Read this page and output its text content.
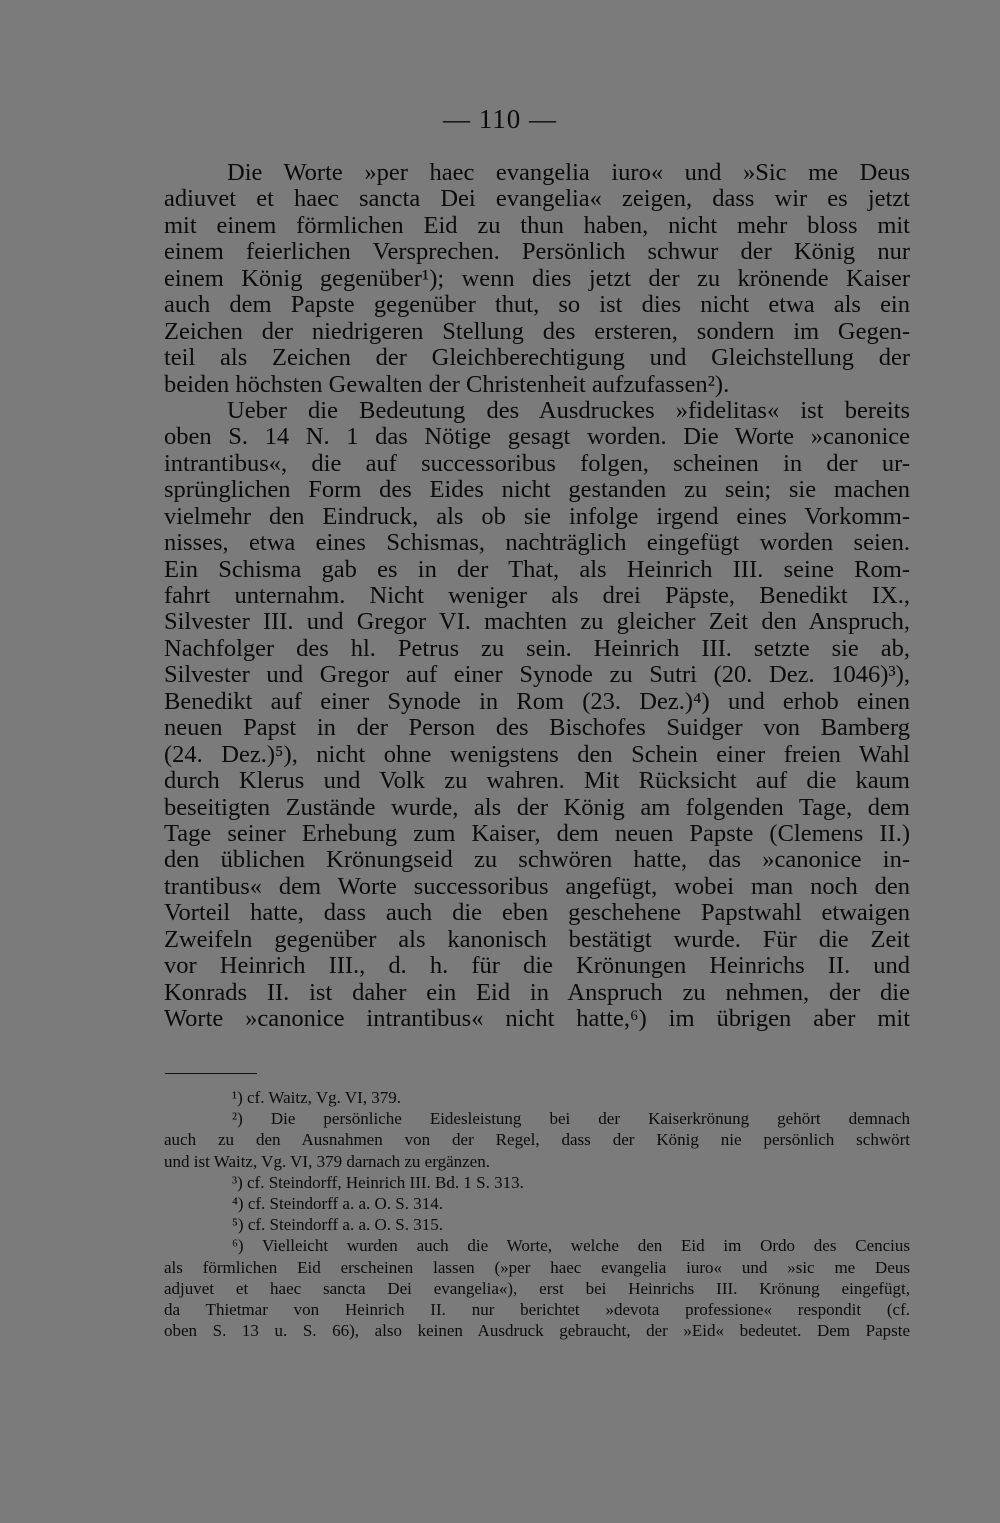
— 110 —
Die Worte »per haec evangelia iuro« und »Sic me Deus
adiuvet et haec sancta Dei evangelia« zeigen, dass wir es jetzt
mit einem förmlichen Eid zu thun haben, nicht mehr bloss mit
einem feierlichen Versprechen. Persönlich schwur der König nur
einem König gegenüber¹); wenn dies jetzt der zu krönende Kaiser
auch dem Papste gegenüber thut, so ist dies nicht etwa als ein
Zeichen der niedrigeren Stellung des ersteren, sondern im Gegen-
teil als Zeichen der Gleichberechtigung und Gleichstellung der
beiden höchsten Gewalten der Christenheit aufzufassen²).
Ueber die Bedeutung des Ausdruckes »fidelitas« ist bereits
oben S. 14 N. 1 das Nötige gesagt worden. Die Worte »canonice
intrantibus«, die auf successoribus folgen, scheinen in der ur-
sprünglichen Form des Eides nicht gestanden zu sein; sie machen
vielmehr den Eindruck, als ob sie infolge irgend eines Vorkomm-
nisses, etwa eines Schismas, nachträglich eingefügt worden seien.
Ein Schisma gab es in der That, als Heinrich III. seine Rom-
fahrt unternahm. Nicht weniger als drei Päpste, Benedikt IX.,
Silvester III. und Gregor VI. machten zu gleicher Zeit den Anspruch,
Nachfolger des hl. Petrus zu sein. Heinrich III. setzte sie ab,
Silvester und Gregor auf einer Synode zu Sutri (20. Dez. 1046)³),
Benedikt auf einer Synode in Rom (23. Dez.)⁴) und erhob einen
neuen Papst in der Person des Bischofes Suidger von Bamberg
(24. Dez.)⁵), nicht ohne wenigstens den Schein einer freien Wahl
durch Klerus und Volk zu wahren. Mit Rücksicht auf die kaum
beseitigten Zustände wurde, als der König am folgenden Tage, dem
Tage seiner Erhebung zum Kaiser, dem neuen Papste (Clemens II.)
den üblichen Krönungseid zu schwören hatte, das »canonice in-
trantibus« dem Worte successoribus angefügt, wobei man noch den
Vorteil hatte, dass auch die eben geschehene Papstwahl etwaigen
Zweifeln gegenüber als kanonisch bestätigt wurde. Für die Zeit
vor Heinrich III., d. h. für die Krönungen Heinrichs II. und
Konrads II. ist daher ein Eid in Anspruch zu nehmen, der die
Worte »canonice intrantibus« nicht hatte,⁶) im übrigen aber mit
¹) cf. Waitz, Vg. VI, 379.
²) Die persönliche Eidesleistung bei der Kaiserkrönung gehört demnach
auch zu den Ausnahmen von der Regel, dass der König nie persönlich schwört
und ist Waitz, Vg. VI, 379 darnach zu ergänzen.
³) cf. Steindorff, Heinrich III. Bd. 1 S. 313.
⁴) cf. Steindorff a. a. O. S. 314.
⁵) cf. Steindorff a. a. O. S. 315.
⁶) Vielleicht wurden auch die Worte, welche den Eid im Ordo des Cencius
als förmlichen Eid erscheinen lassen (»per haec evangelia iuro« und »sic me Deus
adjuvet et haec sancta Dei evangelia«), erst bei Heinrichs III. Krönung eingefügt,
da Thietmar von Heinrich II. nur berichtet »devota professione« respondit (cf.
oben S. 13 u. S. 66), also keinen Ausdruck gebraucht, der »Eid« bedeutet. Dem Papste
